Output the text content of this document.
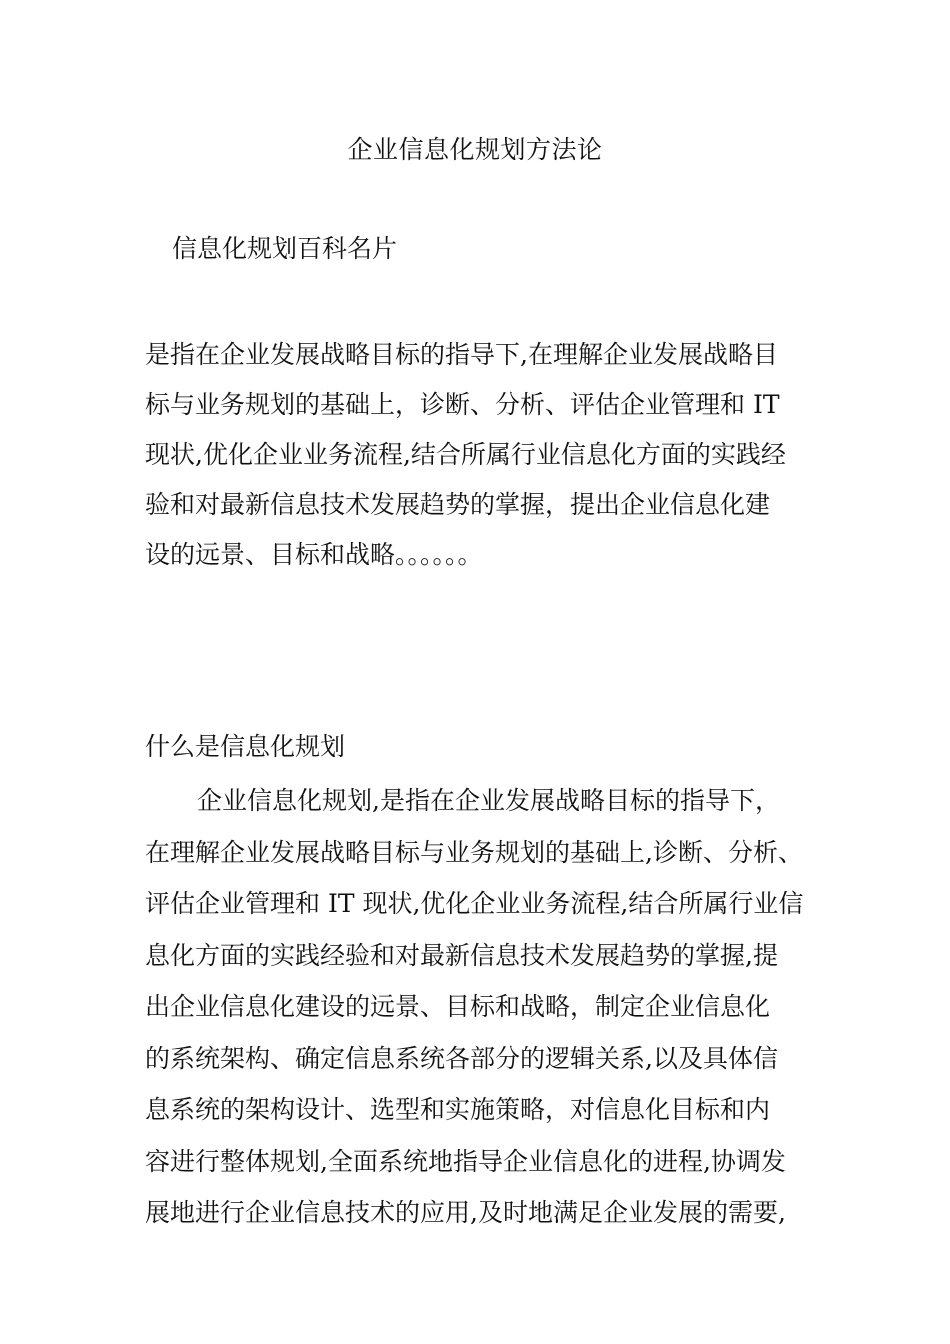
企业信息化规划方法论
信息化规划百科名片
是指在企业发展战略目标的指导下,在理解企业发展战略目
标与业务规划的基础上，诊断、分析、评估企业管理和 IT
现状,优化企业业务流程,结合所属行业信息化方面的实践经
验和对最新信息技术发展趋势的掌握，提出企业信息化建
设的远景、目标和战略。。。。。。
什么是信息化规划
企业信息化规划,是指在企业发展战略目标的指导下，
在理解企业发展战略目标与业务规划的基础上,诊断、分析、
评估企业管理和 IT 现状,优化企业业务流程,结合所属行业信
息化方面的实践经验和对最新信息技术发展趋势的掌握,提
出企业信息化建设的远景、目标和战略，制定企业信息化
的系统架构、确定信息系统各部分的逻辑关系,以及具体信
息系统的架构设计、选型和实施策略，对信息化目标和内
容进行整体规划,全面系统地指导企业信息化的进程,协调发
展地进行企业信息技术的应用,及时地满足企业发展的需要,
